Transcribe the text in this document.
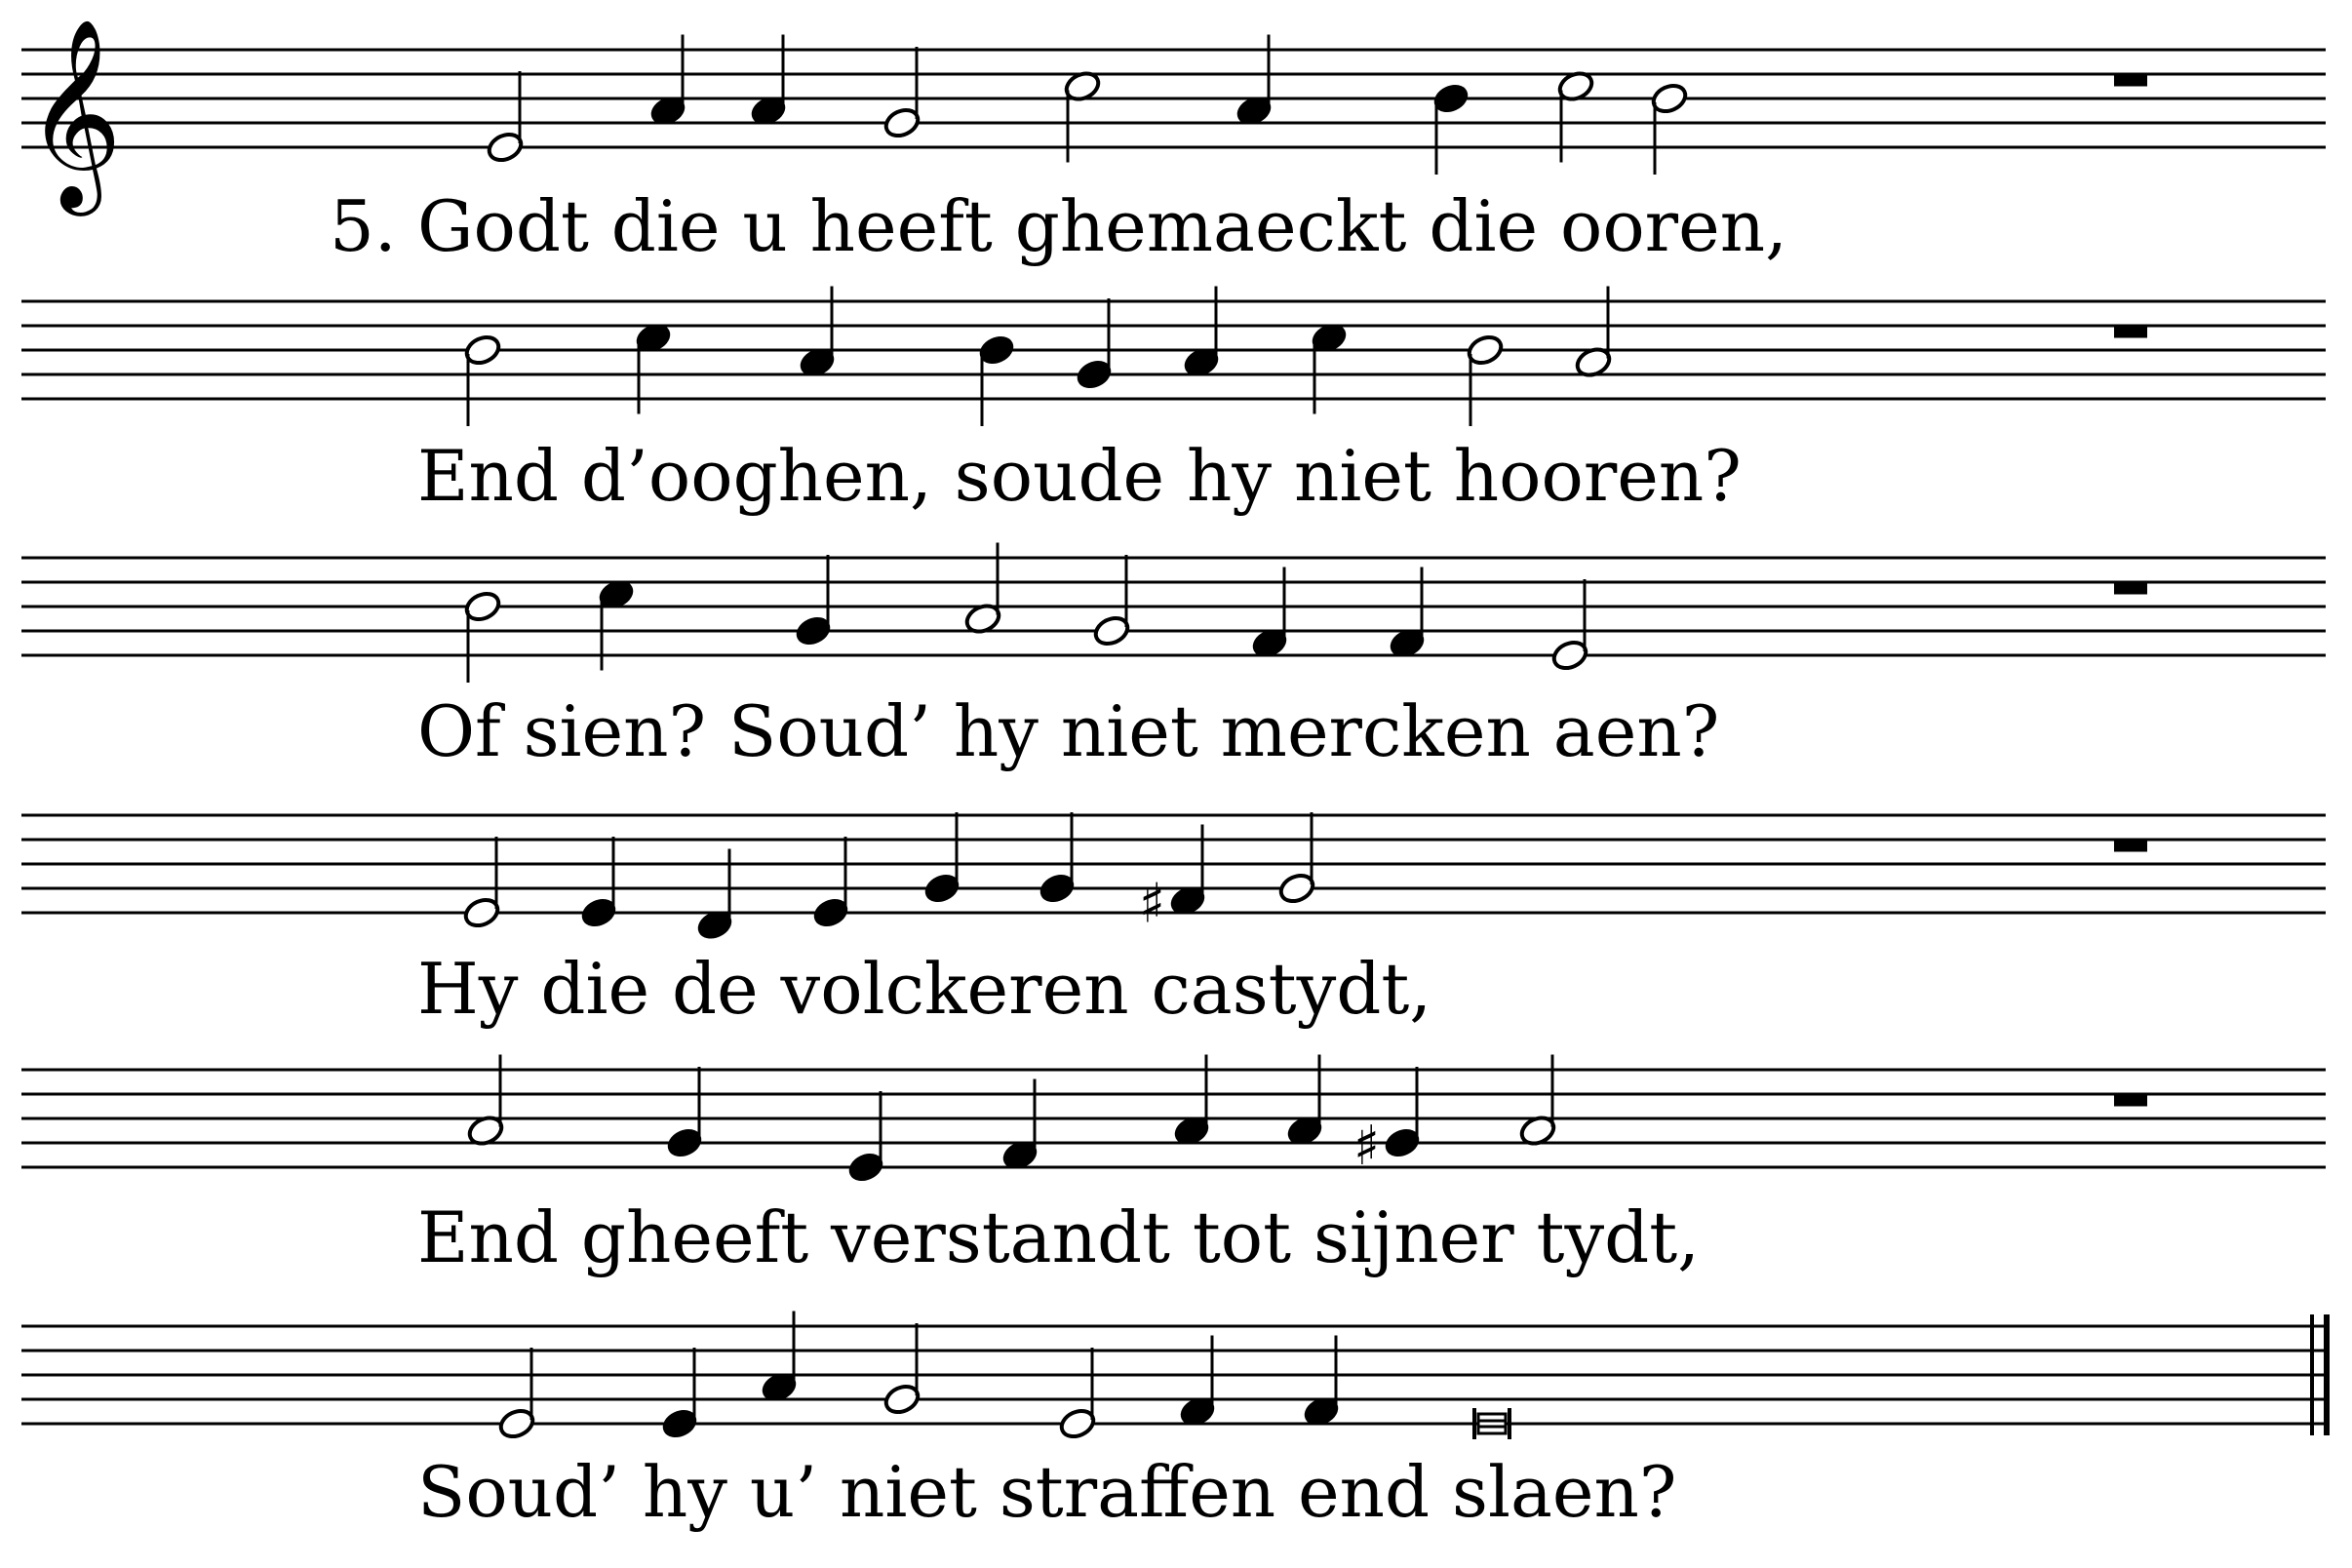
𝄞
♯
♯
5. Godt die u heeft ghemaeckt die ooren,
End d’ooghen, soude hy niet hooren?
Of sien? Soud’ hy niet mercken aen?
Hy die de volckeren castydt,
End gheeft verstandt tot sijner tydt,
Soud’ hy u’ niet straffen end slaen?
